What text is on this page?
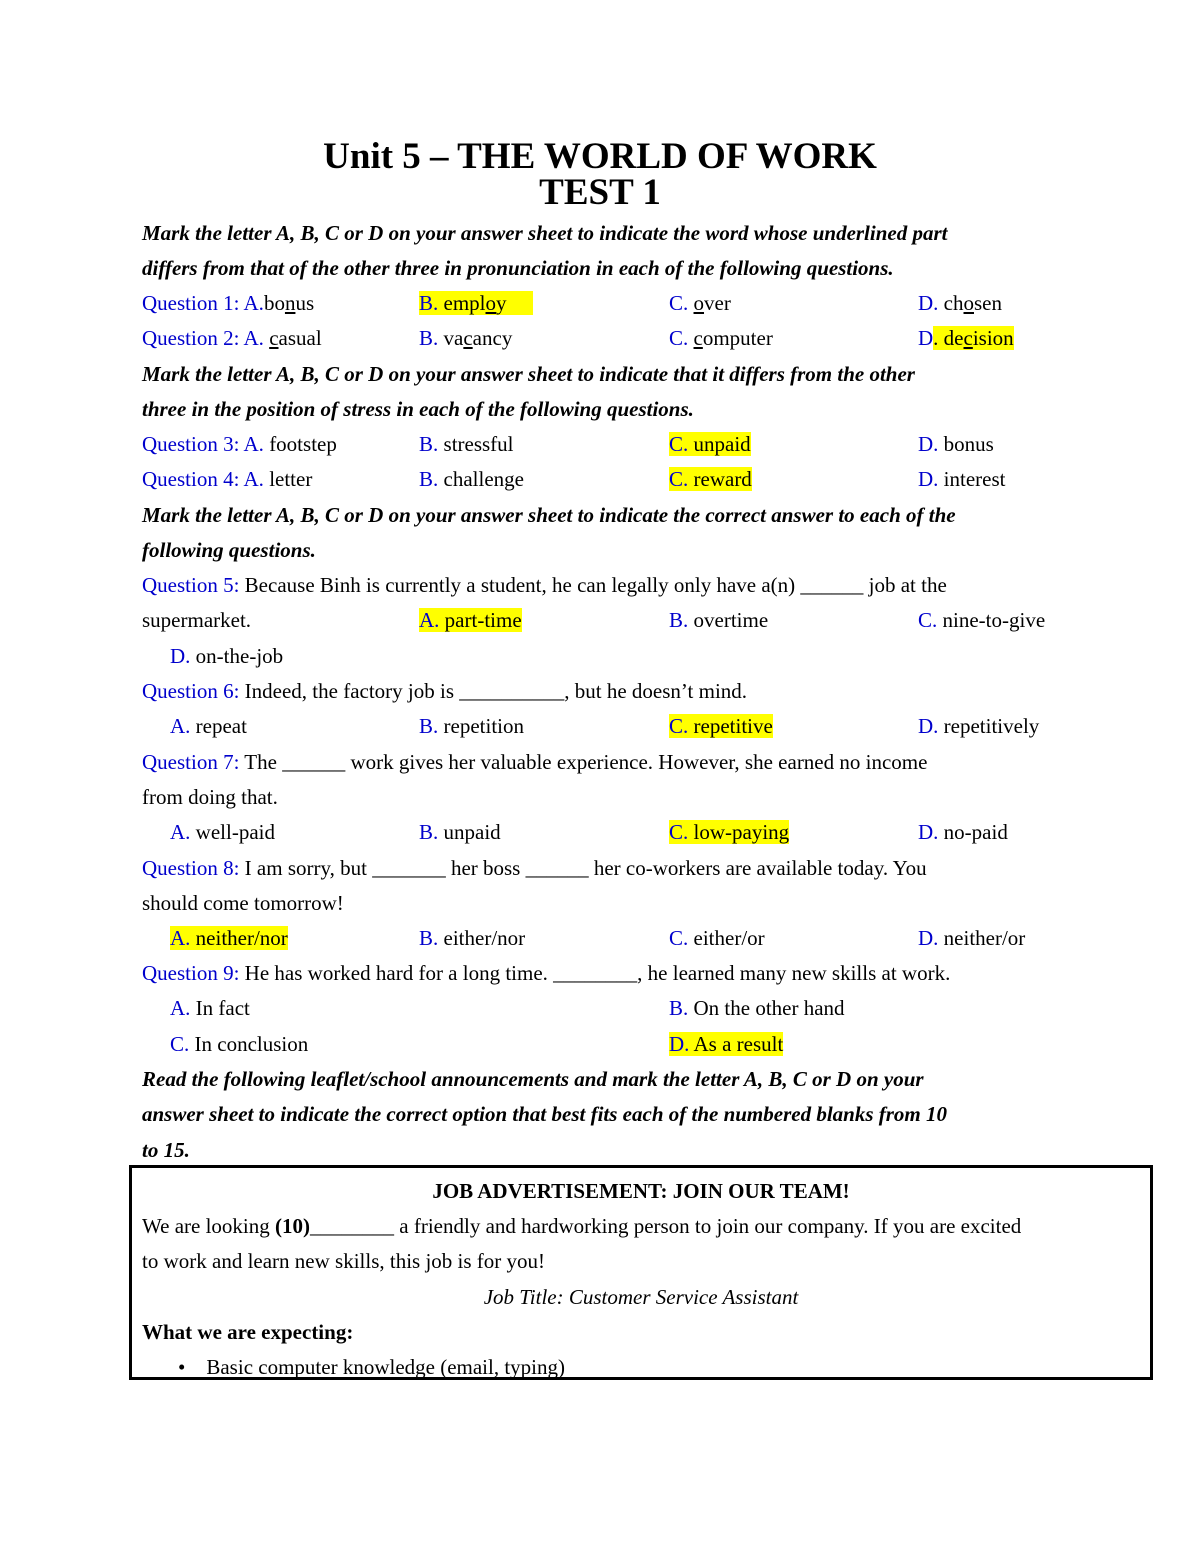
Unit 5 – THE WORLD OF WORK
TEST 1
Mark the letter A, B, C or D on your answer sheet to indicate the word whose underlined part
differs from that of the other three in pronunciation in each of the following questions.
Question 1: A.bonus	B. employ	C. over	D. chosen
Question 2: A. casual	B. vacancy	C. computer	D. decision
Mark the letter A, B, C or D on your answer sheet to indicate that it differs from the other
three in the position of stress in each of the following questions.
Question 3: A. footstep	B. stressful	C. unpaid	D. bonus
Question 4: A. letter	B. challenge	C. reward	D. interest
Mark the letter A, B, C or D on your answer sheet to indicate the correct answer to each of the
following questions.
Question 5: Because Binh is currently a student, he can legally only have a(n) ______ job at the
supermarket.	A. part-time	B. overtime	C. nine-to-give
D. on-the-job
Question 6: Indeed, the factory job is __________, but he doesn’t mind.
A. repeat	B. repetition	C. repetitive	D. repetitively
Question 7: The ______ work gives her valuable experience. However, she earned no income
from doing that.
A. well-paid	B. unpaid	C. low-paying	D. no-paid
Question 8: I am sorry, but _______ her boss ______ her co-workers are available today. You
should come tomorrow!
A. neither/nor	B. either/nor	C. either/or	D. neither/or
Question 9: He has worked hard for a long time. ________, he learned many new skills at work.
A. In fact	B. On the other hand
C. In conclusion	D. As a result
Read the following leaflet/school announcements and mark the letter A, B, C or D on your
answer sheet to indicate the correct option that best fits each of the numbered blanks from 10
to 15.
JOB ADVERTISEMENT: JOIN OUR TEAM!
We are looking (10)________ a friendly and hardworking person to join our company. If you are excited
to work and learn new skills, this job is for you!
Job Title: Customer Service Assistant
What we are expecting:
• Basic computer knowledge (email, typing)
